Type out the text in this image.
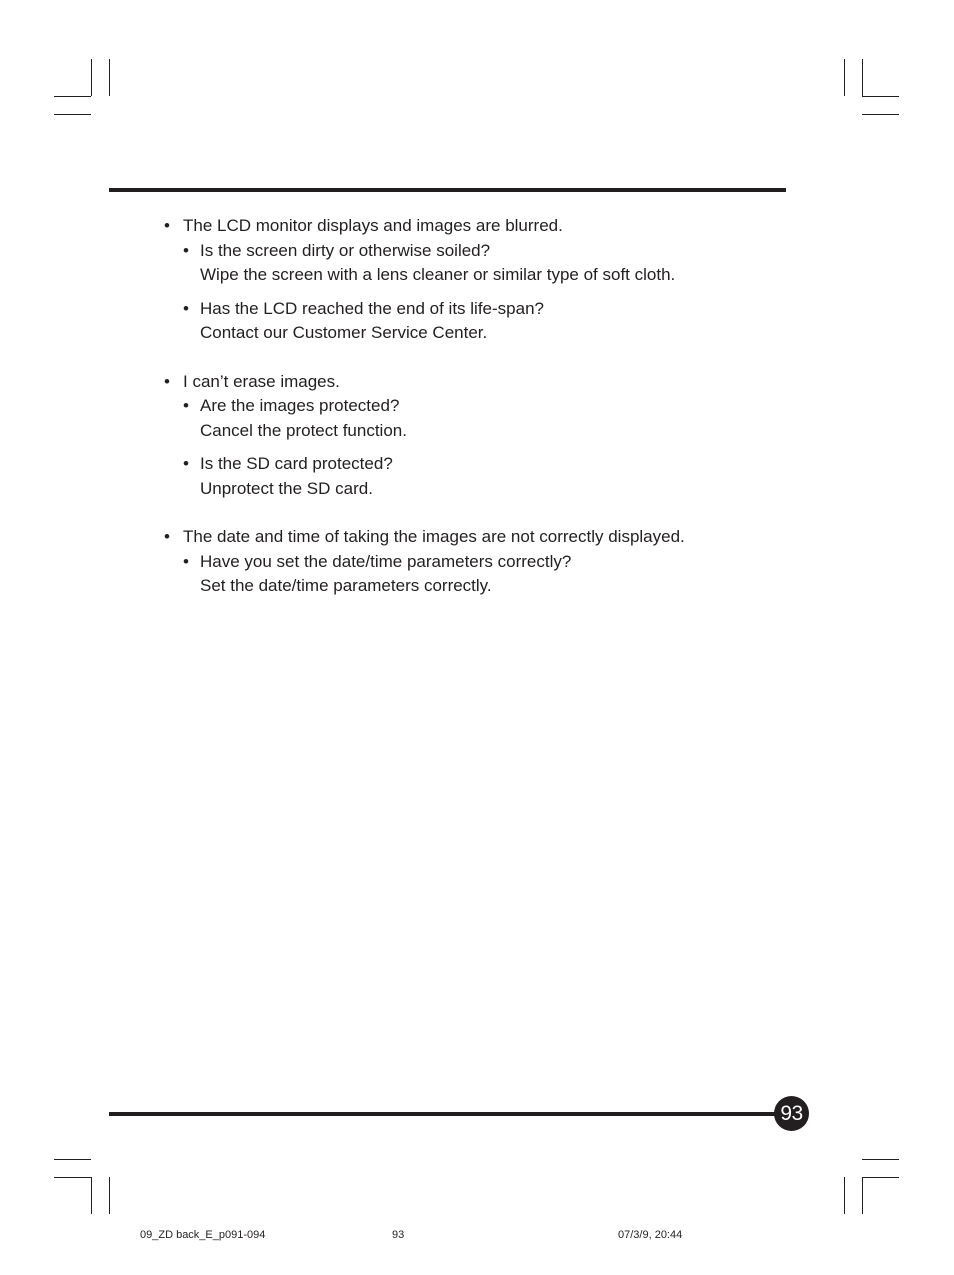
• The LCD monitor displays and images are blurred.
• Is the screen dirty or otherwise soiled?
Wipe the screen with a lens cleaner or similar type of soft cloth.
• Has the LCD reached the end of its life-span?
Contact our Customer Service Center.
• I can’t erase images.
• Are the images protected?
Cancel the protect function.
• Is the SD card protected?
Unprotect the SD card.
• The date and time of taking the images are not correctly displayed.
• Have you set the date/time parameters correctly?
Set the date/time parameters correctly.
93
09_ZD back_E_p091-094	93	07/3/9, 20:44
